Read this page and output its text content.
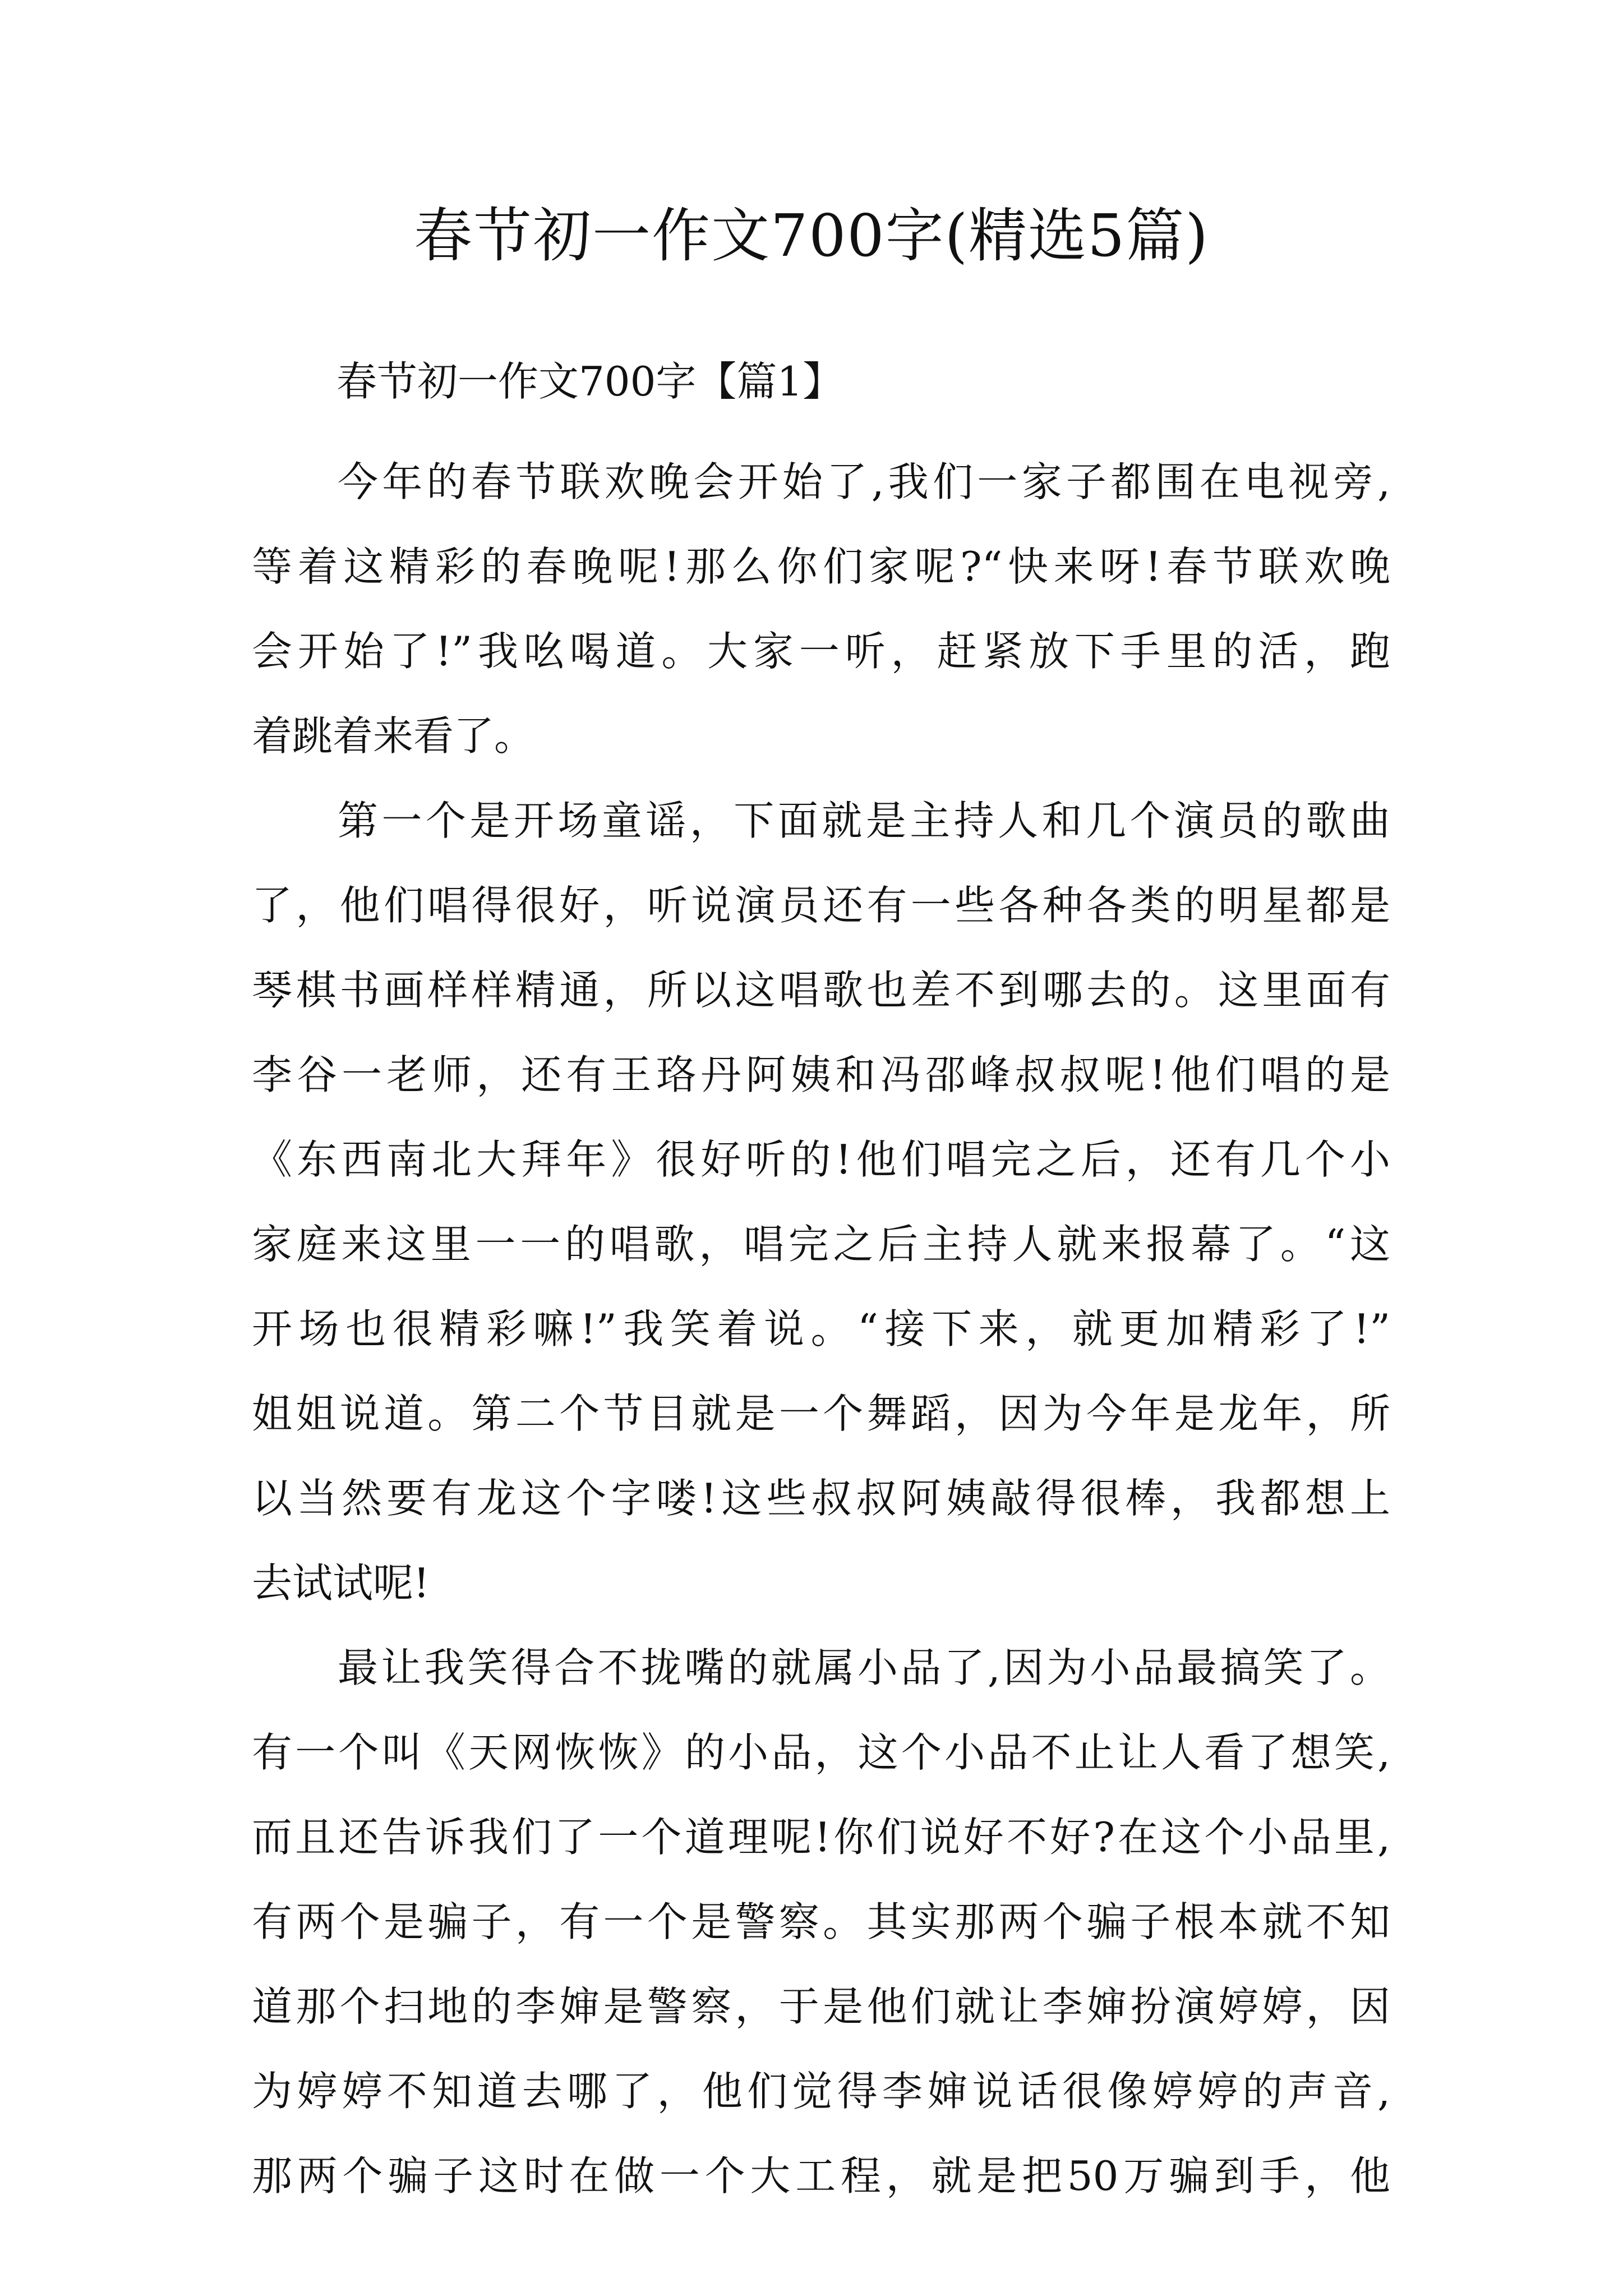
春节初一作文700字(精选5篇)

春节初一作文700字【篇1】

今年的春节联欢晚会开始了,我们一家子都围在电视旁,
等着这精彩的春晚呢!那么你们家呢?“快来呀!春节联欢晚
会开始了!”我吆喝道。大家一听，赶紧放下手里的活，跑
着跳着来看了。
第一个是开场童谣，下面就是主持人和几个演员的歌曲
了，他们唱得很好，听说演员还有一些各种各类的明星都是
琴棋书画样样精通，所以这唱歌也差不到哪去的。这里面有
李谷一老师，还有王珞丹阿姨和冯邵峰叔叔呢!他们唱的是
《东西南北大拜年》很好听的!他们唱完之后，还有几个小
家庭来这里一一的唱歌，唱完之后主持人就来报幕了。“这
开场也很精彩嘛!”我笑着说。“接下来，就更加精彩了!”
姐姐说道。第二个节目就是一个舞蹈，因为今年是龙年，所
以当然要有龙这个字喽!这些叔叔阿姨敲得很棒，我都想上
去试试呢!
最让我笑得合不拢嘴的就属小品了,因为小品最搞笑了。
有一个叫《天网恢恢》的小品，这个小品不止让人看了想笑,
而且还告诉我们了一个道理呢!你们说好不好?在这个小品里,
有两个是骗子，有一个是警察。其实那两个骗子根本就不知
道那个扫地的李婶是警察，于是他们就让李婶扮演婷婷，因
为婷婷不知道去哪了，他们觉得李婶说话很像婷婷的声音,
那两个骗子这时在做一个大工程，就是把50万骗到手，他
